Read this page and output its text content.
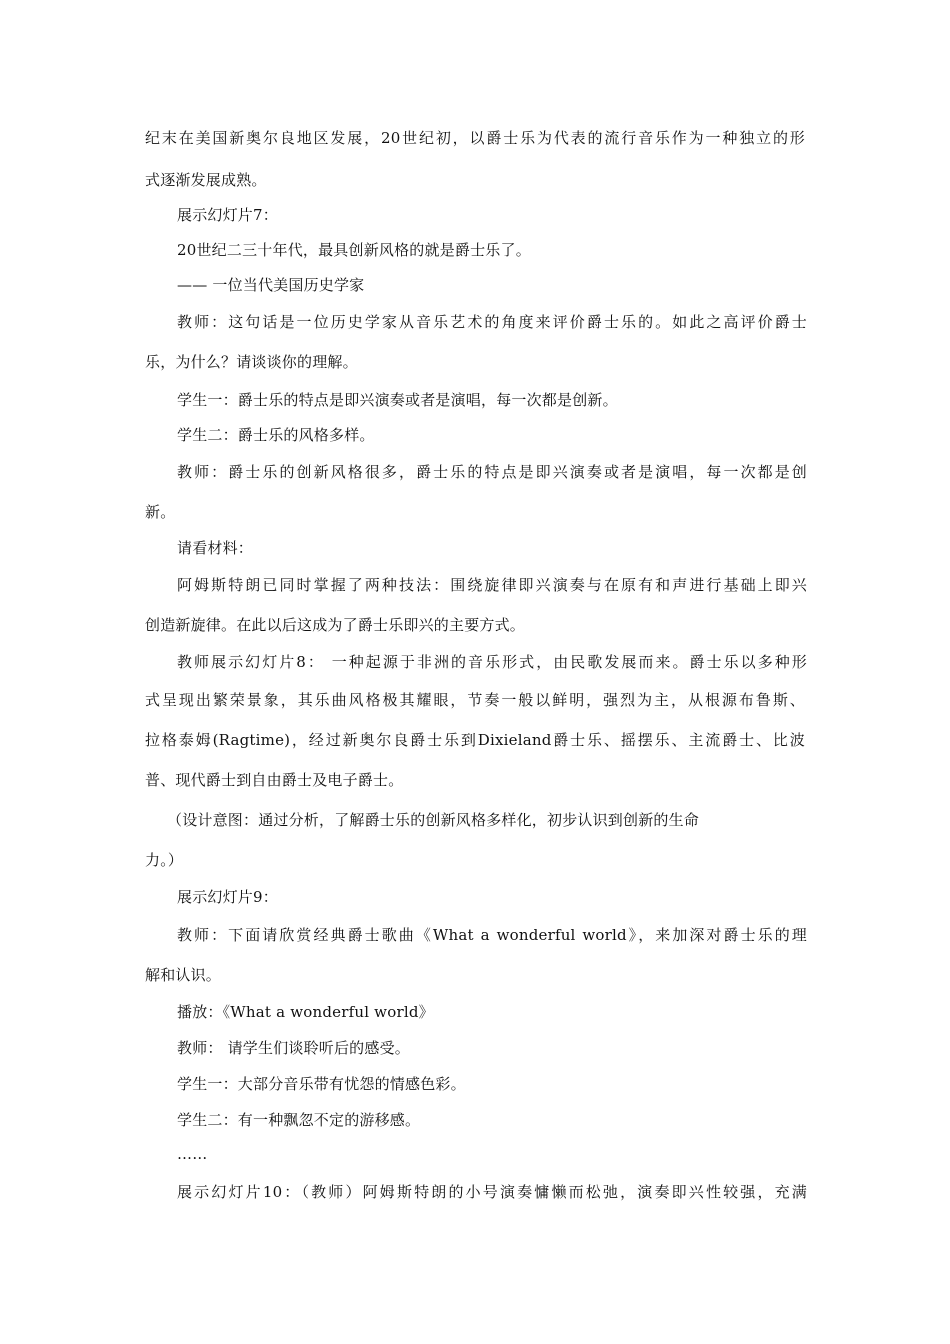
纪末在美国新奥尔良地区发展，20世纪初，以爵士乐为代表的流行音乐作为一种独立的形
式逐渐发展成熟。
展示幻灯片7：
20世纪二三十年代，最具创新风格的就是爵士乐了。
—— 一位当代美国历史学家
教师：这句话是一位历史学家从音乐艺术的角度来评价爵士乐的。如此之高评价爵士
乐，为什么？请谈谈你的理解。
学生一：爵士乐的特点是即兴演奏或者是演唱，每一次都是创新。
学生二：爵士乐的风格多样。
教师：爵士乐的创新风格很多，爵士乐的特点是即兴演奏或者是演唱，每一次都是创
新。
请看材料：
阿姆斯特朗已同时掌握了两种技法：围绕旋律即兴演奏与在原有和声进行基础上即兴
创造新旋律。在此以后这成为了爵士乐即兴的主要方式。
教师展示幻灯片8： 一种起源于非洲的音乐形式，由民歌发展而来。爵士乐以多种形
式呈现出繁荣景象，其乐曲风格极其耀眼，节奏一般以鲜明，强烈为主，从根源布鲁斯、
拉格泰姆(Ragtime)，经过新奥尔良爵士乐到Dixieland爵士乐、摇摆乐、主流爵士、比波
普、现代爵士到自由爵士及电子爵士。
（设计意图：通过分析，了解爵士乐的创新风格多样化，初步认识到创新的生命
力。）
展示幻灯片9：
教师：下面请欣赏经典爵士歌曲《What a wonderful world》，来加深对爵士乐的理
解和认识。
播放：《What a wonderful world》
教师： 请学生们谈聆听后的感受。
学生一：大部分音乐带有忧怨的情感色彩。
学生二：有一种飘忽不定的游移感。
……
展示幻灯片10：（教师）阿姆斯特朗的小号演奏慵懒而松弛，演奏即兴性较强，充满
